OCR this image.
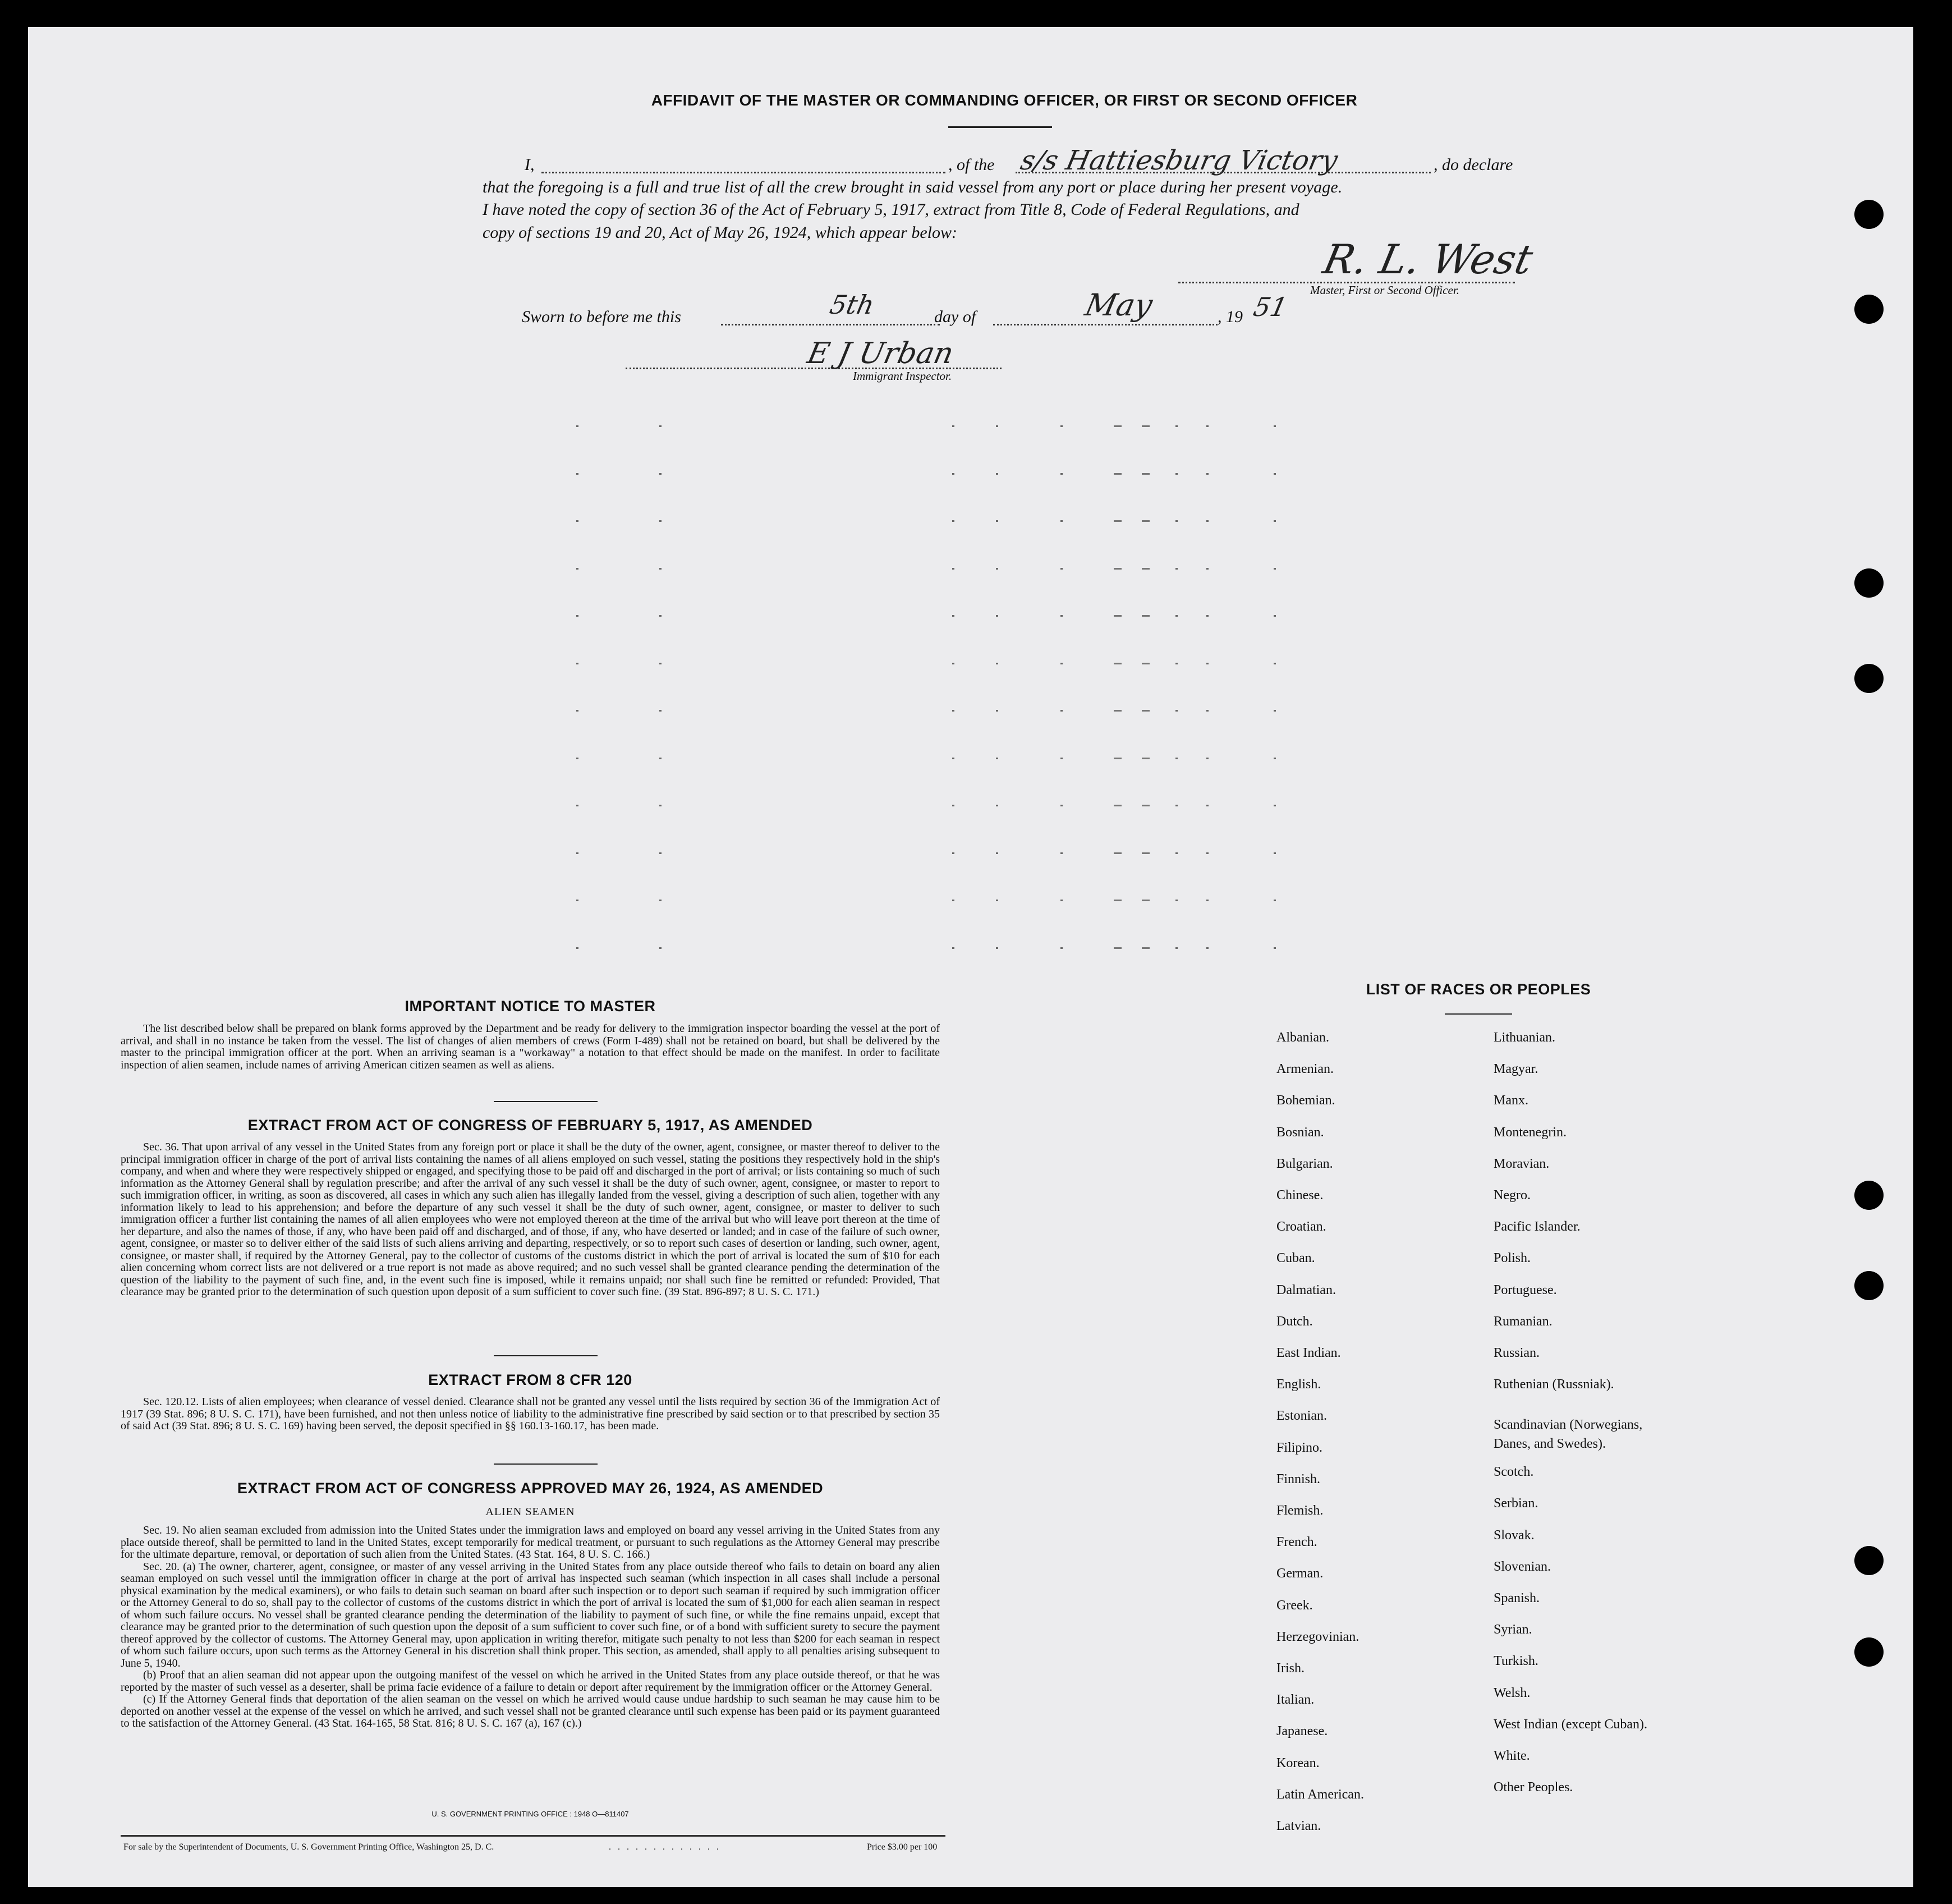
AFFIDAVIT OF THE MASTER OR COMMANDING OFFICER, OR FIRST OR SECOND OFFICER
I,	, of the s/s Hattiesburg Victory	, do declare
that the foregoing is a full and true list of all the crew brought in said vessel from any port or place during her present voyage.
I have noted the copy of section 36 of the Act of February 5, 1917, extract from Title 8, Code of Federal Regulations, and
copy of sections 19 and 20, Act of May 26, 1924, which appear below:
R. L. West
Master, First or Second Officer.
Sworn to before me this	5th	day of	May	, 19 51
E J Urban
Immigrant Inspector.
IMPORTANT NOTICE TO MASTER

The list described below shall be prepared on blank forms approved by the Department and be ready for delivery to the immigration inspector boarding the vessel at the port of arrival, and shall in no instance be taken from the vessel. The list of changes of alien members of crews (Form I-489) shall not be retained on board, but shall be delivered by the master to the principal immigration officer at the port. When an arriving seaman is a "workaway" a notation to that effect should be made on the manifest. In order to facilitate inspection of alien seamen, include names of arriving American citizen seamen as well as aliens.

EXTRACT FROM ACT OF CONGRESS OF FEBRUARY 5, 1917, AS AMENDED

Sec. 36. That upon arrival of any vessel in the United States from any foreign port or place it shall be the duty of the owner, agent, consignee, or master thereof to deliver to the principal immigration officer in charge of the port of arrival lists containing the names of all aliens employed on such vessel, stating the positions they respectively hold in the ship's company, and when and where they were respectively shipped or engaged, and specifying those to be paid off and discharged in the port of arrival; or lists containing so much of such information as the Attorney General shall by regulation prescribe; and after the arrival of any such vessel it shall be the duty of such owner, agent, consignee, or master to report to such immigration officer, in writing, as soon as discovered, all cases in which any such alien has illegally landed from the vessel, giving a description of such alien, together with any information likely to lead to his apprehension; and before the departure of any such vessel it shall be the duty of such owner, agent, consignee, or master to deliver to such immigration officer a further list containing the names of all alien employees who were not employed thereon at the time of the arrival but who will leave port thereon at the time of her departure, and also the names of those, if any, who have been paid off and discharged, and of those, if any, who have deserted or landed; and in case of the failure of such owner, agent, consignee, or master so to deliver either of the said lists of such aliens arriving and departing, respectively, or so to report such cases of desertion or landing, such owner, agent, consignee, or master shall, if required by the Attorney General, pay to the collector of customs of the customs district in which the port of arrival is located the sum of $10 for each alien concerning whom correct lists are not delivered or a true report is not made as above required; and no such vessel shall be granted clearance pending the determination of the question of the liability to the payment of such fine, and, in the event such fine is imposed, while it remains unpaid; nor shall such fine be remitted or refunded: Provided, That clearance may be granted prior to the determination of such question upon deposit of a sum sufficient to cover such fine. (39 Stat. 896-897; 8 U. S. C. 171.)

EXTRACT FROM 8 CFR 120

Sec. 120.12. Lists of alien employees; when clearance of vessel denied. Clearance shall not be granted any vessel until the lists required by section 36 of the Immigration Act of 1917 (39 Stat. 896; 8 U. S. C. 171), have been furnished, and not then unless notice of liability to the administrative fine prescribed by said section or to that prescribed by section 35 of said Act (39 Stat. 896; 8 U. S. C. 169) having been served, the deposit specified in §§ 160.13-160.17, has been made.

EXTRACT FROM ACT OF CONGRESS APPROVED MAY 26, 1924, AS AMENDED
ALIEN SEAMEN

Sec. 19. No alien seaman excluded from admission into the United States under the immigration laws and employed on board any vessel arriving in the United States from any place outside thereof, shall be permitted to land in the United States, except temporarily for medical treatment, or pursuant to such regulations as the Attorney General may prescribe for the ultimate departure, removal, or deportation of such alien from the United States. (43 Stat. 164, 8 U. S. C. 166.)

Sec. 20. (a) The owner, charterer, agent, consignee, or master of any vessel arriving in the United States from any place outside thereof who fails to detain on board any alien seaman employed on such vessel until the immigration officer in charge at the port of arrival has inspected such seaman (which inspection in all cases shall include a personal physical examination by the medical examiners), or who fails to detain such seaman on board after such inspection or to deport such seaman if required by such immigration officer or the Attorney General to do so, shall pay to the collector of customs of the customs district in which the port of arrival is located the sum of $1,000 for each alien seaman in respect of whom such failure occurs. No vessel shall be granted clearance pending the determination of the liability to payment of such fine, or while the fine remains unpaid, except that clearance may be granted prior to the determination of such question upon the deposit of a sum sufficient to cover such fine, or of a bond with sufficient surety to secure the payment thereof approved by the collector of customs. The Attorney General may, upon application in writing therefor, mitigate such penalty to not less than $200 for each seaman in respect of whom such failure occurs, upon such terms as the Attorney General in his discretion shall think proper. This section, as amended, shall apply to all penalties arising subsequent to June 5, 1940.

(b) Proof that an alien seaman did not appear upon the outgoing manifest of the vessel on which he arrived in the United States from any place outside thereof, or that he was reported by the master of such vessel as a deserter, shall be prima facie evidence of a failure to detain or deport after requirement by the immigration officer or the Attorney General.

(c) If the Attorney General finds that deportation of the alien seaman on the vessel on which he arrived would cause undue hardship to such seaman he may cause him to be deported on another vessel at the expense of the vessel on which he arrived, and such vessel shall not be granted clearance until such expense has been paid or its payment guaranteed to the satisfaction of the Attorney General. (43 Stat. 164-165, 58 Stat. 816; 8 U. S. C. 167 (a), 167 (c).)

U. S. GOVERNMENT PRINTING OFFICE : 1948 O—811407
For sale by the Superintendent of Documents, U. S. Government Printing Office, Washington 25, D. C.	.............	Price $3.00 per 100
LIST OF RACES OR PEOPLES
Albanian.
Armenian.
Bohemian.
Bosnian.
Bulgarian.
Chinese.
Croatian.
Cuban.
Dalmatian.
Dutch.
East Indian.
English.
Estonian.
Filipino.
Finnish.
Flemish.
French.
German.
Greek.
Herzegovinian.
Irish.
Italian.
Japanese.
Korean.
Latin American.
Latvian.
Lithuanian.
Magyar.
Manx.
Montenegrin.
Moravian.
Negro.
Pacific Islander.
Polish.
Portuguese.
Rumanian.
Russian.
Ruthenian (Russniak).
Scandinavian (Norwegians,
Danes, and Swedes).
Scotch.
Serbian.
Slovak.
Slovenian.
Spanish.
Syrian.
Turkish.
Welsh.
West Indian (except Cuban).
White.
Other Peoples.
